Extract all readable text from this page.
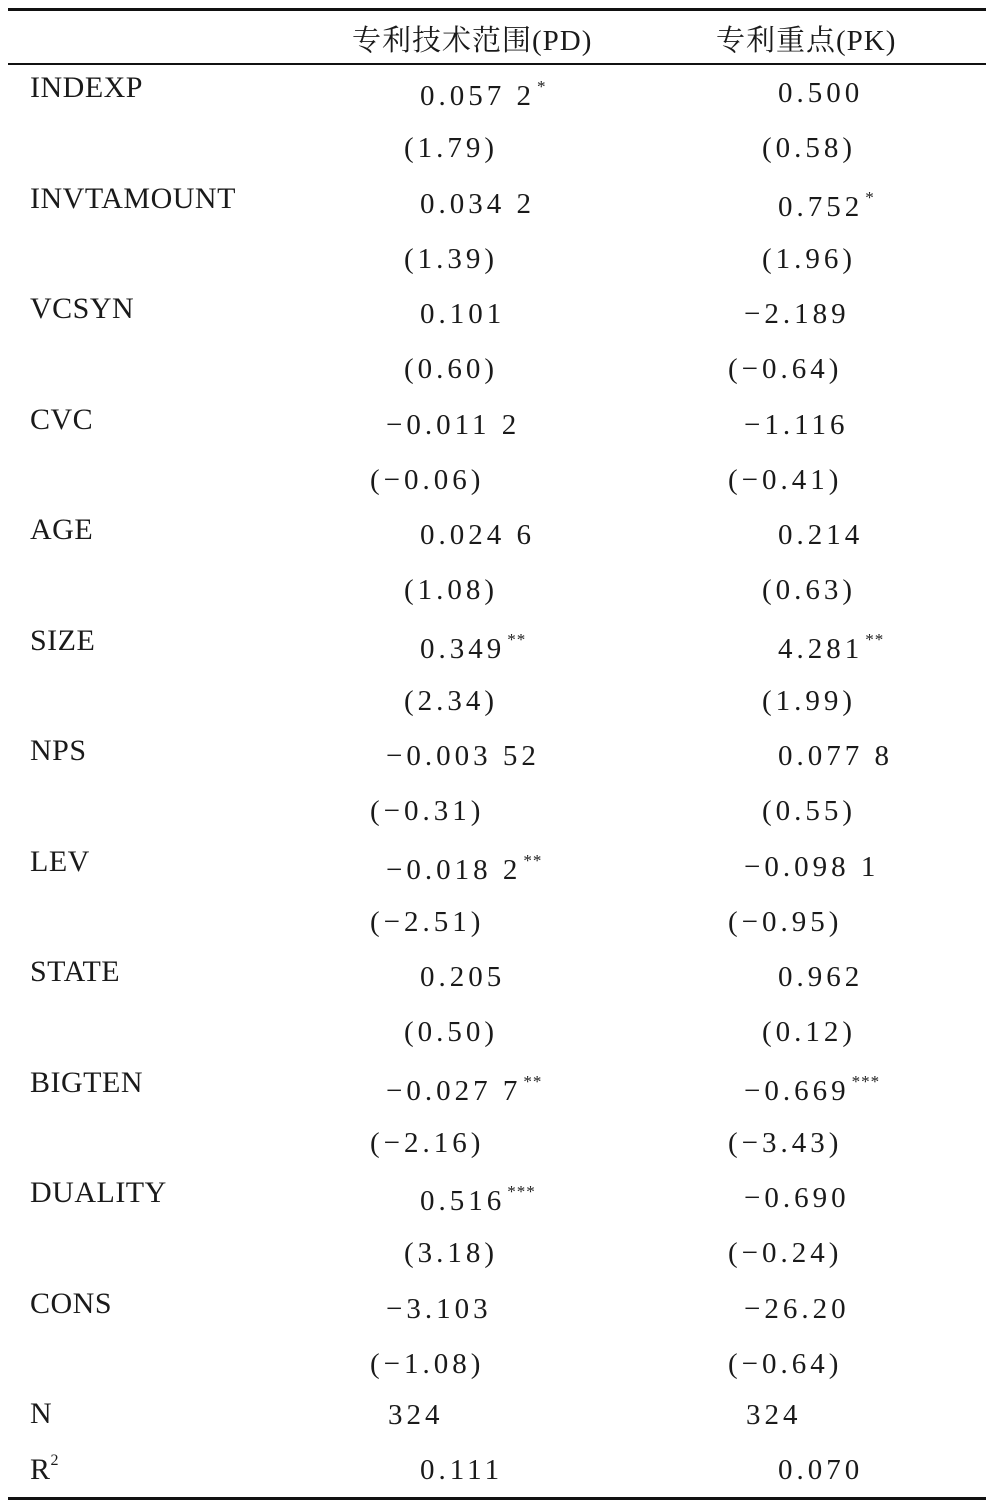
专利技术范围(PD)	专利重点(PK)
INDEXP	0.057 2 *	0.500
(1.79)	(0.58)
INVTAMOUNT	0.034 2	0.752 *
(1.39)	(1.96)
VCSYN	0.101	−2.189
(0.60)	(−0.64)
CVC	−0.011 2	−1.116
(−0.06)	(−0.41)
AGE	0.024 6	0.214
(1.08)	(0.63)
SIZE	0.349 **	4.281 **
(2.34)	(1.99)
NPS	−0.003 52	0.077 8
(−0.31)	(0.55)
LEV	−0.018 2 **	−0.098 1
(−2.51)	(−0.95)
STATE	0.205	0.962
(0.50)	(0.12)
BIGTEN	−0.027 7 **	−0.669 ***
(−2.16)	(−3.43)
DUALITY	0.516 ***	−0.690
(3.18)	(−0.24)
CONS	−3.103	−26.20
(−1.08)	(−0.64)
N	324	324
$R^2$	0.111	0.070
